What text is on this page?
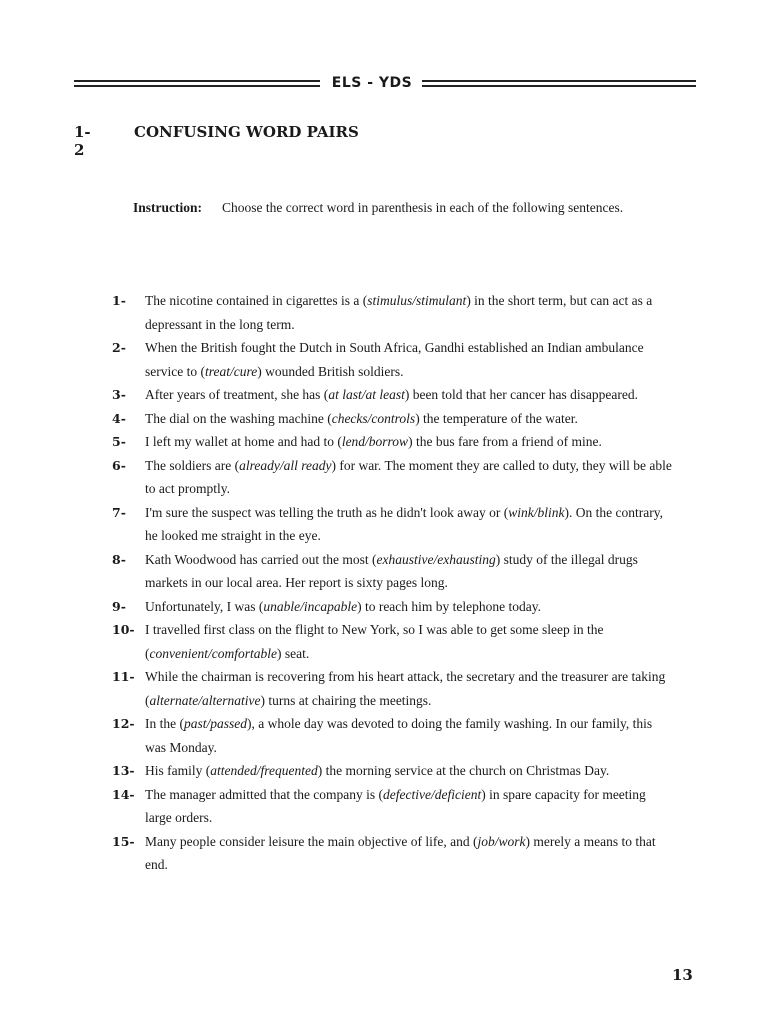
ELS - YDS
1-2
CONFUSING WORD PAIRS
Instruction: Choose the correct word in parenthesis in each of the following sentences.
1-	The nicotine contained in cigarettes is a (stimulus/stimulant) in the short term, but can act as a depressant in the long term.
2-	When the British fought the Dutch in South Africa, Gandhi established an Indian ambulance service to (treat/cure) wounded British soldiers.
3-	After years of treatment, she has (at last/at least) been told that her cancer has disappeared.
4-	The dial on the washing machine (checks/controls) the temperature of the water.
5-	I left my wallet at home and had to (lend/borrow) the bus fare from a friend of mine.
6-	The soldiers are (already/all ready) for war. The moment they are called to duty, they will be able to act promptly.
7-	I'm sure the suspect was telling the truth as he didn't look away or (wink/blink). On the contrary, he looked me straight in the eye.
8-	Kath Woodwood has carried out the most (exhaustive/exhausting) study of the illegal drugs markets in our local area. Her report is sixty pages long.
9-	Unfortunately, I was (unable/incapable) to reach him by telephone today.
10- I travelled first class on the flight to New York, so I was able to get some sleep in the (convenient/comfortable) seat.
11- While the chairman is recovering from his heart attack, the secretary and the treasurer are taking (alternate/alternative) turns at chairing the meetings.
12- In the (past/passed), a whole day was devoted to doing the family washing. In our family, this was Monday.
13- His family (attended/frequented) the morning service at the church on Christmas Day.
14- The manager admitted that the company is (defective/deficient) in spare capacity for meeting large orders.
15- Many people consider leisure the main objective of life, and (job/work) merely a means to that end.
13
